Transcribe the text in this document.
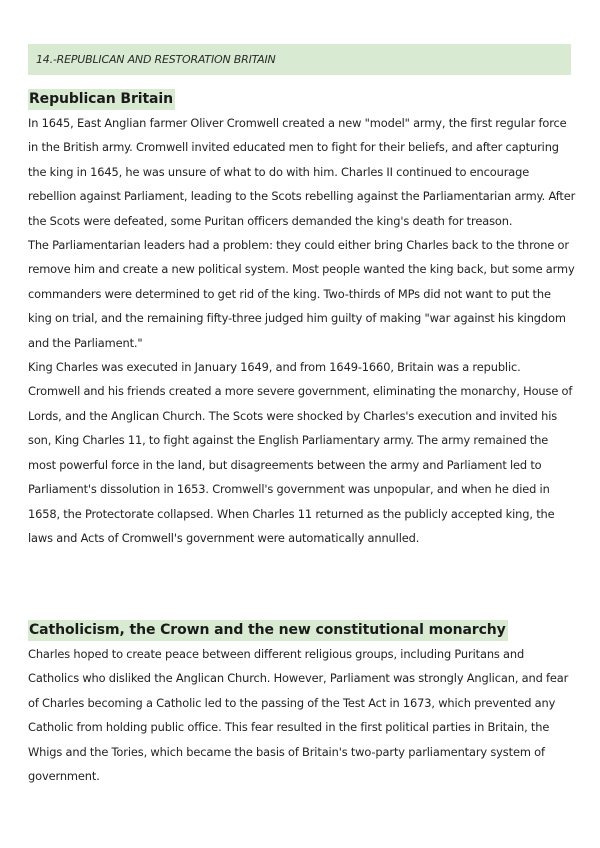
14.-REPUBLICAN AND RESTORATION BRITAIN
Republican Britain

In 1645, East Anglian farmer Oliver Cromwell created a new "model" army, the first regular force in the British army. Cromwell invited educated men to fight for their beliefs, and after capturing the king in 1645, he was unsure of what to do with him. Charles II continued to encourage rebellion against Parliament, leading to the Scots rebelling against the Parliamentarian army. After the Scots were defeated, some Puritan officers demanded the king's death for treason.

The Parliamentarian leaders had a problem: they could either bring Charles back to the throne or remove him and create a new political system. Most people wanted the king back, but some army commanders were determined to get rid of the king. Two-thirds of MPs did not want to put the king on trial, and the remaining fifty-three judged him guilty of making "war against his kingdom and the Parliament."

King Charles was executed in January 1649, and from 1649-1660, Britain was a republic. Cromwell and his friends created a more severe government, eliminating the monarchy, House of Lords, and the Anglican Church. The Scots were shocked by Charles's execution and invited his son, King Charles 11, to fight against the English Parliamentary army. The army remained the most powerful force in the land, but disagreements between the army and Parliament led to Parliament's dissolution in 1653. Cromwell's government was unpopular, and when he died in 1658, the Protectorate collapsed. When Charles 11 returned as the publicly accepted king, the laws and Acts of Cromwell's government were automatically annulled.

Catholicism, the Crown and the new constitutional monarchy

Charles hoped to create peace between different religious groups, including Puritans and Catholics who disliked the Anglican Church. However, Parliament was strongly Anglican, and fear of Charles becoming a Catholic led to the passing of the Test Act in 1673, which prevented any Catholic from holding public office. This fear resulted in the first political parties in Britain, the Whigs and the Tories, which became the basis of Britain's two-party parliamentary system of government.
